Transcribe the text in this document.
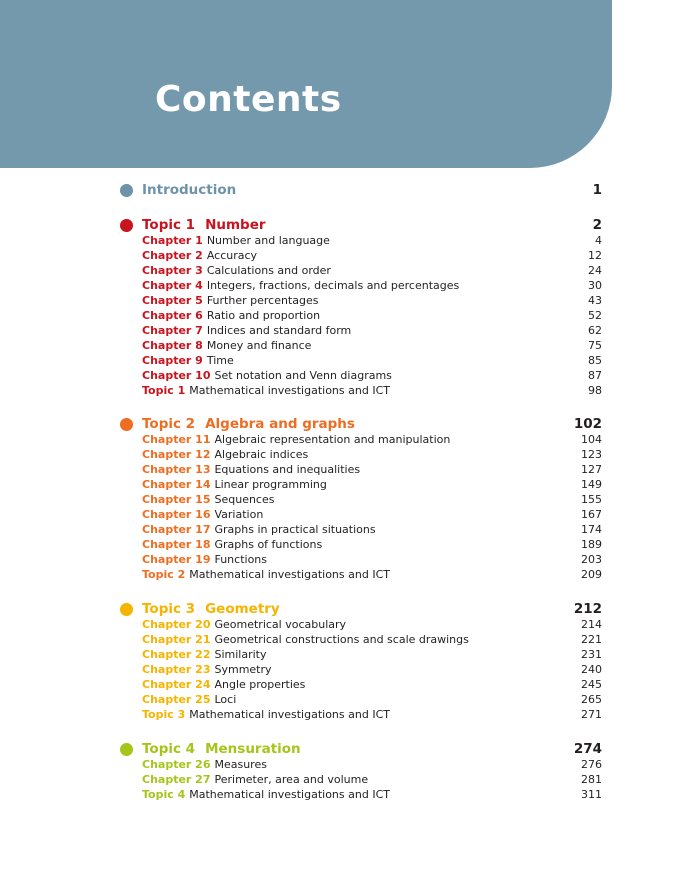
Contents
Introduction	1
Topic 1 Number	2
Chapter 1 Number and language	4
Chapter 2 Accuracy	12
Chapter 3 Calculations and order	24
Chapter 4 Integers, fractions, decimals and percentages	30
Chapter 5 Further percentages	43
Chapter 6 Ratio and proportion	52
Chapter 7 Indices and standard form	62
Chapter 8 Money and finance	75
Chapter 9 Time	85
Chapter 10 Set notation and Venn diagrams	87
Topic 1 Mathematical investigations and ICT	98
Topic 2 Algebra and graphs	102
Chapter 11 Algebraic representation and manipulation	104
Chapter 12 Algebraic indices	123
Chapter 13 Equations and inequalities	127
Chapter 14 Linear programming	149
Chapter 15 Sequences	155
Chapter 16 Variation	167
Chapter 17 Graphs in practical situations	174
Chapter 18 Graphs of functions	189
Chapter 19 Functions	203
Topic 2 Mathematical investigations and ICT	209
Topic 3 Geometry	212
Chapter 20 Geometrical vocabulary	214
Chapter 21 Geometrical constructions and scale drawings	221
Chapter 22 Similarity	231
Chapter 23 Symmetry	240
Chapter 24 Angle properties	245
Chapter 25 Loci	265
Topic 3 Mathematical investigations and ICT	271
Topic 4 Mensuration	274
Chapter 26 Measures	276
Chapter 27 Perimeter, area and volume	281
Topic 4 Mathematical investigations and ICT	311
